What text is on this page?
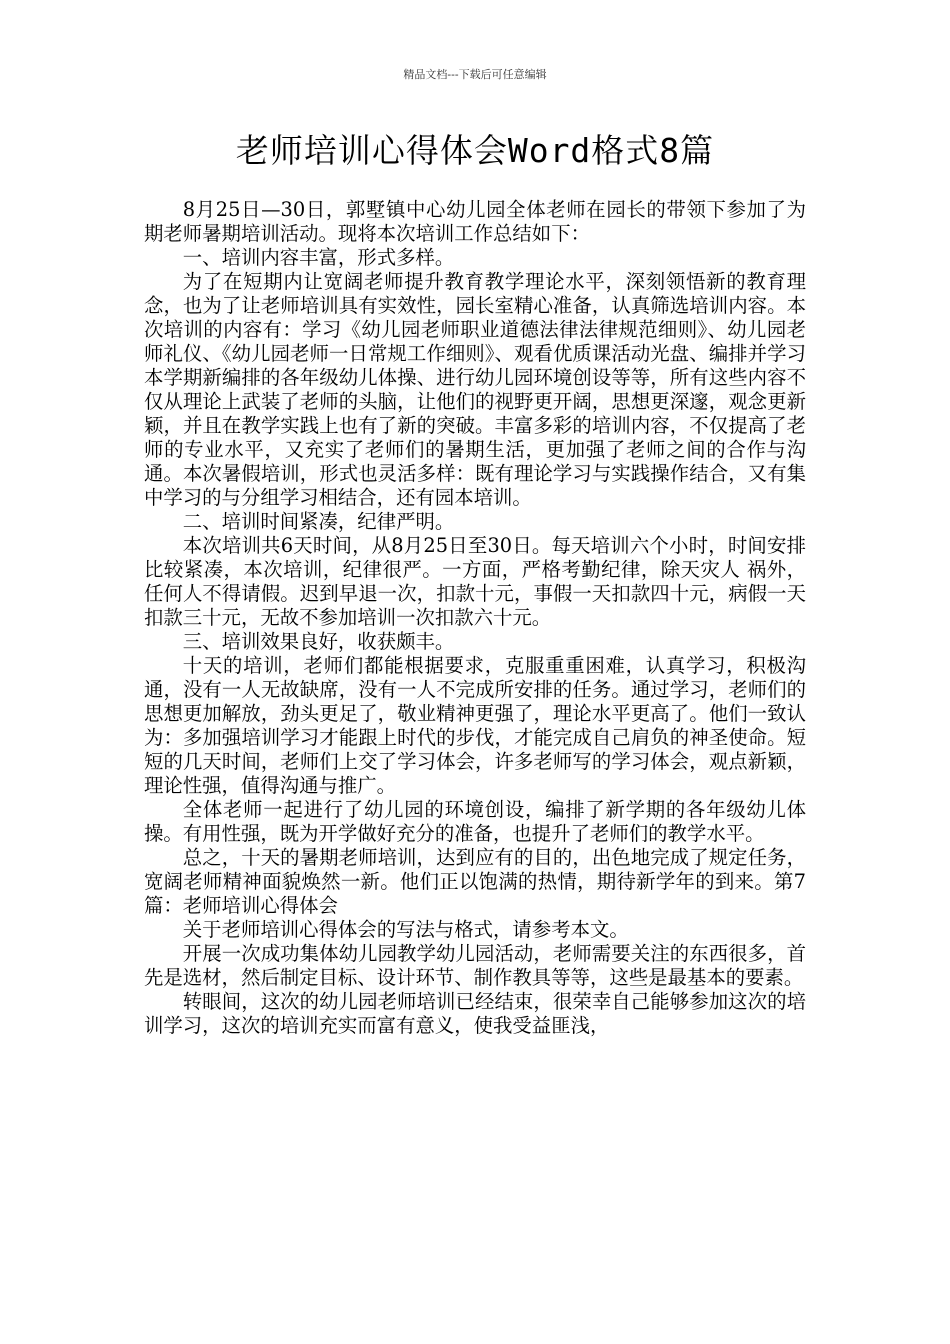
精品文档---下载后可任意编辑
老师培训心得体会Word格式8篇

8月25日—30日，郭墅镇中心幼儿园全体老师在园长的带领下参加了为期老师暑期培训活动。现将本次培训工作总结如下：

一、培训内容丰富，形式多样。

为了在短期内让宽阔老师提升教育教学理论水平，深刻领悟新的教育理念，也为了让老师培训具有实效性，园长室精心准备，认真筛选培训内容。本次培训的内容有：学习《幼儿园老师职业道德法律法律规范细则》、幼儿园老师礼仪、《幼儿园老师一日常规工作细则》、观看优质课活动光盘、编排并学习本学期新编排的各年级幼儿体操、进行幼儿园环境创设等等，所有这些内容不仅从理论上武装了老师的头脑，让他们的视野更开阔，思想更深邃，观念更新颖，并且在教学实践上也有了新的突破。丰富多彩的培训内容，不仅提高了老师的专业水平，又充实了老师们的暑期生活，更加强了老师之间的合作与沟通。本次暑假培训，形式也灵活多样：既有理论学习与实践操作结合，又有集中学习的与分组学习相结合，还有园本培训。

二、培训时间紧凑，纪律严明。

本次培训共6天时间，从8月25日至30日。每天培训六个小时，时间安排比较紧凑，本次培训，纪律很严。一方面，严格考勤纪律，除天灾人 祸外，任何人不得请假。迟到早退一次，扣款十元，事假一天扣款四十元，病假一天扣款三十元，无故不参加培训一次扣款六十元。

三、培训效果良好，收获颇丰。

十天的培训，老师们都能根据要求，克服重重困难，认真学习，积极沟通，没有一人无故缺席，没有一人不完成所安排的任务。通过学习，老师们的思想更加解放，劲头更足了，敬业精神更强了，理论水平更高了。他们一致认为：多加强培训学习才能跟上时代的步伐，才能完成自己肩负的神圣使命。短短的几天时间，老师们上交了学习体会，许多老师写的学习体会，观点新颖，理论性强，值得沟通与推广。

全体老师一起进行了幼儿园的环境创设，编排了新学期的各年级幼儿体操。有用性强，既为开学做好充分的准备，也提升了老师们的教学水平。

总之，十天的暑期老师培训，达到应有的目的，出色地完成了规定任务，宽阔老师精神面貌焕然一新。他们正以饱满的热情，期待新学年的到来。第7篇：老师培训心得体会

关于老师培训心得体会的写法与格式，请参考本文。

开展一次成功集体幼儿园教学幼儿园活动，老师需要关注的东西很多，首先是选材，然后制定目标、设计环节、制作教具等等，这些是最基本的要素。

转眼间，这次的幼儿园老师培训已经结束，很荣幸自己能够参加这次的培训学习，这次的培训充实而富有意义，使我受益匪浅，
